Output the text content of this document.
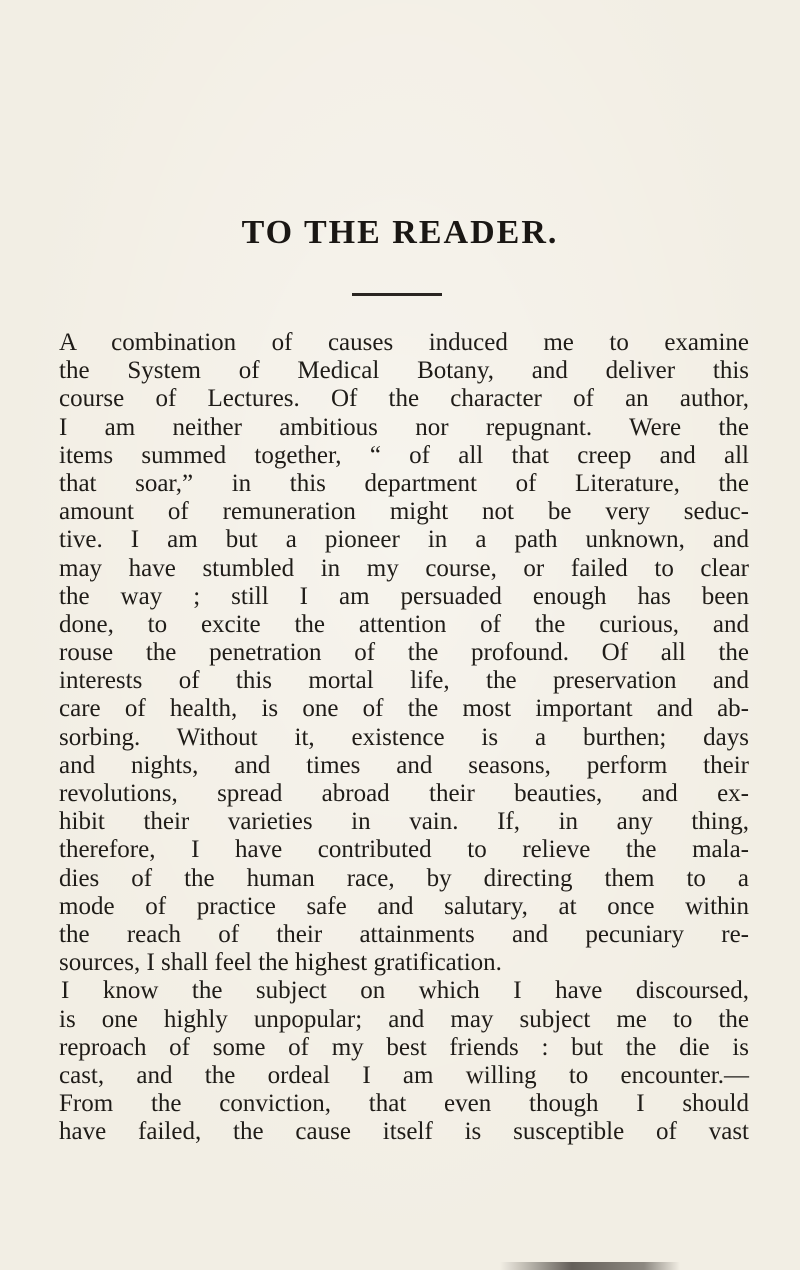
TO THE READER.
A combination of causes induced me to examine
the System of Medical Botany, and deliver this
course of Lectures. Of the character of an author,
I am neither ambitious nor repugnant. Were the
items summed together, “ of all that creep and all
that soar,” in this department of Literature, the
amount of remuneration might not be very seduc-
tive. I am but a pioneer in a path unknown, and
may have stumbled in my course, or failed to clear
the way ; still I am persuaded enough has been
done, to excite the attention of the curious, and
rouse the penetration of the profound. Of all the
interests of this mortal life, the preservation and
care of health, is one of the most important and ab-
sorbing. Without it, existence is a burthen; days
and nights, and times and seasons, perform their
revolutions, spread abroad their beauties, and ex-
hibit their varieties in vain. If, in any thing,
therefore, I have contributed to relieve the mala-
dies of the human race, by directing them to a
mode of practice safe and salutary, at once within
the reach of their attainments and pecuniary re-
sources, I shall feel the highest gratification.
I know the subject on which I have discoursed,
is one highly unpopular; and may subject me to the
reproach of some of my best friends : but the die is
cast, and the ordeal I am willing to encounter.—
From the conviction, that even though I should
have failed, the cause itself is susceptible of vast
